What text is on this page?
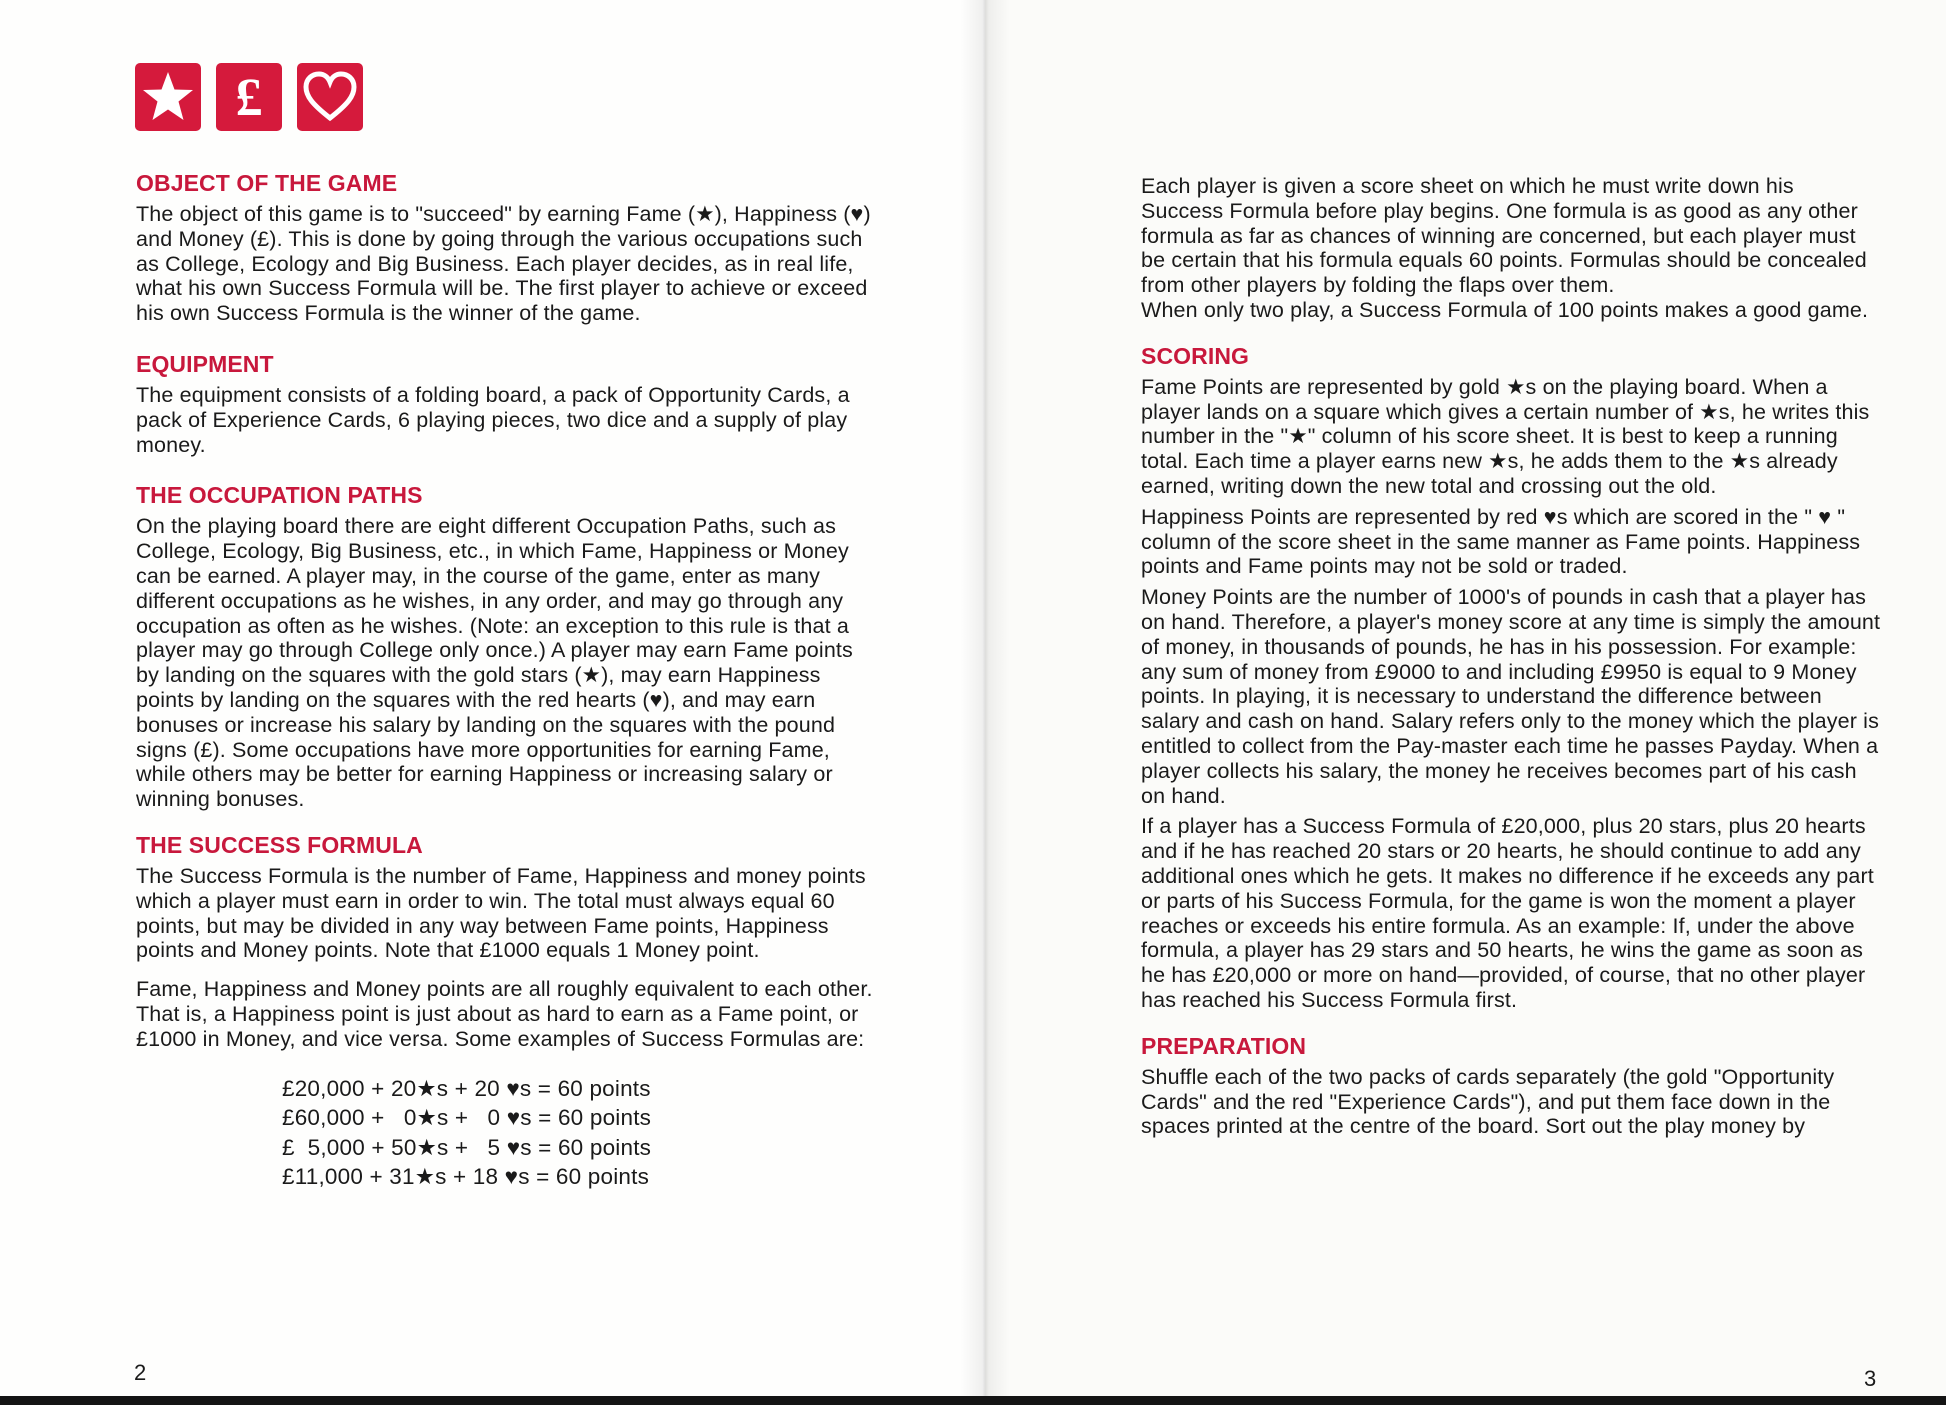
£
OBJECT OF THE GAME

The object of this game is to "succeed" by earning Fame (★), Happiness (♥) and Money (£). This is done by going through the various occupations such as College, Ecology and Big Business. Each player decides, as in real life, what his own Success Formula will be. The first player to achieve or exceed his own Success Formula is the winner of the game.

EQUIPMENT

The equipment consists of a folding board, a pack of Opportunity Cards, a pack of Experience Cards, 6 playing pieces, two dice and a supply of play money.

THE OCCUPATION PATHS

On the playing board there are eight different Occupation Paths, such as College, Ecology, Big Business, etc., in which Fame, Happiness or Money can be earned. A player may, in the course of the game, enter as many different occupations as he wishes, in any order, and may go through any occupation as often as he wishes. (Note: an exception to this rule is that a player may go through College only once.) A player may earn Fame points by landing on the squares with the gold stars (★), may earn Happiness points by landing on the squares with the red hearts (♥), and may earn bonuses or increase his salary by landing on the squares with the pound signs (£). Some occupations have more opportunities for earning Fame, while others may be better for earning Happiness or increasing salary or winning bonuses.

THE SUCCESS FORMULA

The Success Formula is the number of Fame, Happiness and money points which a player must earn in order to win. The total must always equal 60 points, but may be divided in any way between Fame points, Happiness points and Money points. Note that £1000 equals 1 Money point.

Fame, Happiness and Money points are all roughly equivalent to each other. That is, a Happiness point is just about as hard to earn as a Fame point, or £1000 in Money, and vice versa. Some examples of Success Formulas are:

£20,000 + 20★s + 20 ♥s = 60 points
£60,000 +   0★s +   0 ♥s = 60 points
£  5,000 + 50★s +   5 ♥s = 60 points
£11,000 + 31★s + 18 ♥s = 60 points
2	3

Each player is given a score sheet on which he must write down his Success Formula before play begins. One formula is as good as any other formula as far as chances of winning are concerned, but each player must be certain that his formula equals 60 points. Formulas should be concealed from other players by folding the flaps over them.

When only two play, a Success Formula of 100 points makes a good game.

SCORING

Fame Points are represented by gold ★s on the playing board. When a player lands on a square which gives a certain number of ★s, he writes this number in the "★" column of his score sheet. It is best to keep a running total. Each time a player earns new ★s, he adds them to the ★s already earned, writing down the new total and crossing out the old.

Happiness Points are represented by red ♥s which are scored in the " ♥ " column of the score sheet in the same manner as Fame points. Happiness points and Fame points may not be sold or traded.

Money Points are the number of 1000's of pounds in cash that a player has on hand. Therefore, a player's money score at any time is simply the amount of money, in thousands of pounds, he has in his possession. For example: any sum of money from £9000 to and including £9950 is equal to 9 Money points. In playing, it is necessary to understand the difference between salary and cash on hand. Salary refers only to the money which the player is entitled to collect from the Pay-master each time he passes Payday. When a player collects his salary, the money he receives becomes part of his cash on hand.

If a player has a Success Formula of £20,000, plus 20 stars, plus 20 hearts and if he has reached 20 stars or 20 hearts, he should continue to add any additional ones which he gets. It makes no difference if he exceeds any part or parts of his Success Formula, for the game is won the moment a player reaches or exceeds his entire formula. As an example: If, under the above formula, a player has 29 stars and 50 hearts, he wins the game as soon as he has £20,000 or more on hand—provided, of course, that no other player has reached his Success Formula first.

PREPARATION

Shuffle each of the two packs of cards separately (the gold "Opportunity Cards" and the red "Experience Cards"), and put them face down in the spaces printed at the centre of the board. Sort out the play money by
